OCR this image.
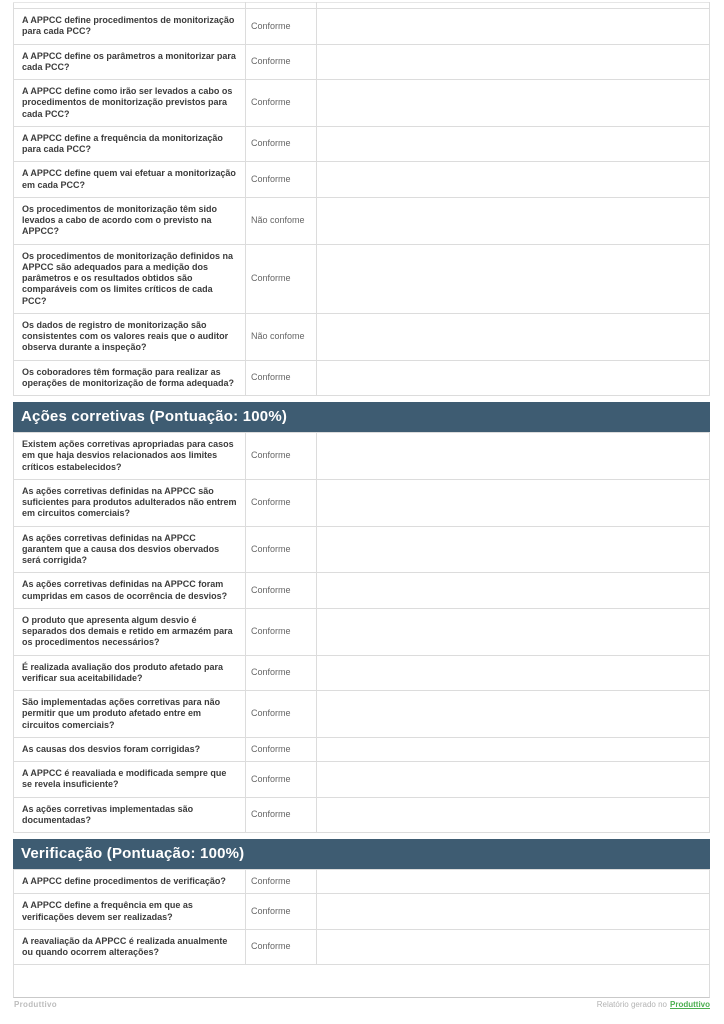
A APPCC define procedimentos de monitorização para cada PCC?	Conforme	
A APPCC define os parâmetros a monitorizar para cada PCC?	Conforme	
A APPCC define como irão ser levados a cabo os procedimentos de monitorização previstos para cada PCC?	Conforme	
A APPCC define a frequência da monitorização para cada PCC?	Conforme	
A APPCC define quem vai efetuar a monitorização em cada PCC?	Conforme	
Os procedimentos de monitorização têm sido levados a cabo de acordo com o previsto na APPCC?	Não confome	
Os procedimentos de monitorização definidos na APPCC são adequados para a medição dos parâmetros e os resultados obtidos são comparáveis com os limites críticos de cada PCC?	Conforme	
Os dados de registro de monitorização são consistentes com os valores reais que o auditor observa durante a inspeção?	Não confome	
Os coboradores têm formação para realizar as operações de monitorização de forma adequada?	Conforme	
Ações corretivas (Pontuação: 100%)
Existem ações corretivas apropriadas para casos em que haja desvios relacionados aos limites críticos estabelecidos?	Conforme	
As ações corretivas definidas na APPCC são suficientes para produtos adulterados não entrem em circuitos comerciais?	Conforme	
As ações corretivas definidas na APPCC garantem que a causa dos desvios obervados será corrigida?	Conforme	
As ações corretivas definidas na APPCC foram cumpridas em casos de ocorrência de desvios?	Conforme	
O produto que apresenta algum desvio é separados dos demais e retido em armazém para os procedimentos necessários?	Conforme	
É realizada avaliação dos produto afetado para verificar sua aceitabilidade?	Conforme	
São implementadas ações corretivas para não permitir que um produto afetado entre em circuitos comerciais?	Conforme	
As causas dos desvios foram corrigidas?	Conforme	
A APPCC é reavaliada e modificada sempre que se revela insuficiente?	Conforme	
As ações corretivas implementadas são documentadas?	Conforme	
Verificação (Pontuação: 100%)
A APPCC define procedimentos de verificação?	Conforme	
A APPCC define a frequência em que as verificações devem ser realizadas?	Conforme	
A reavaliação da APPCC é realizada anualmente ou quando ocorrem alterações?	Conforme	
Produttivo	Relatório gerado no Produttivo
